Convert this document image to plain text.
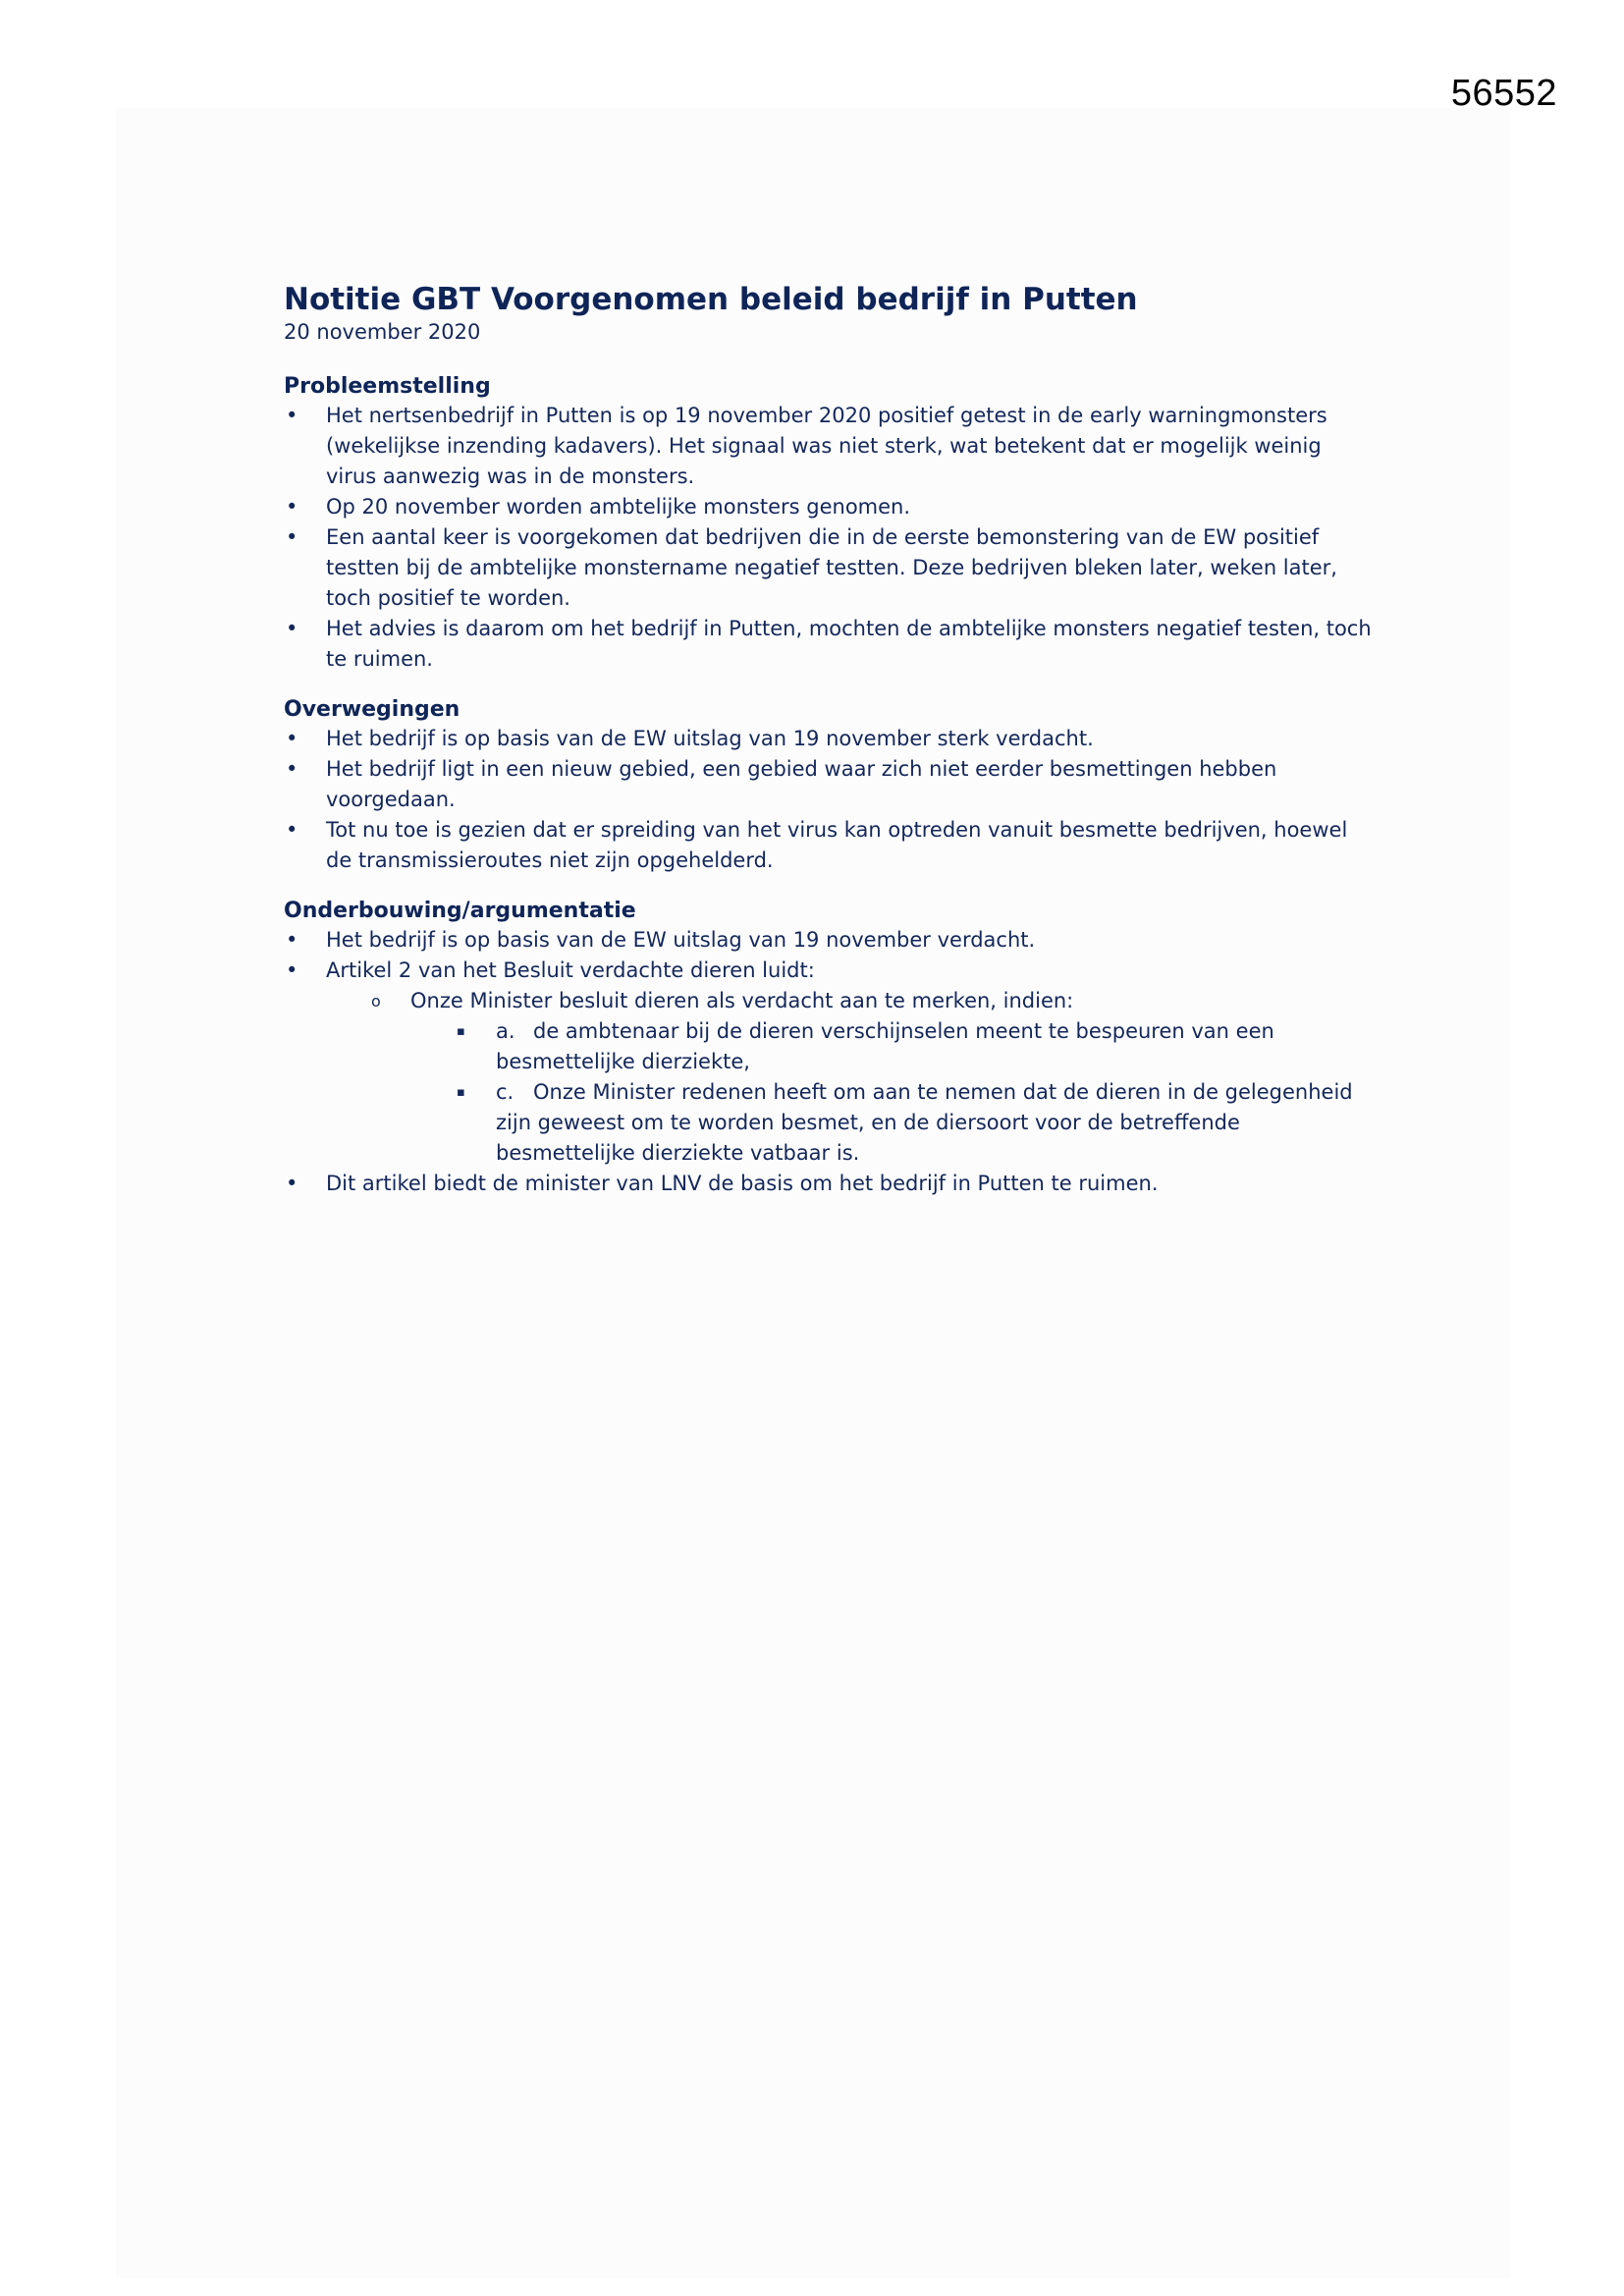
56552
Notitie GBT Voorgenomen beleid bedrijf in Putten

20 november 2020

Probleemstelling
• Het nertsenbedrijf in Putten is op 19 november 2020 positief getest in de early warningmonsters (wekelijkse inzending kadavers). Het signaal was niet sterk, wat betekent dat er mogelijk weinig virus aanwezig was in de monsters.
• Op 20 november worden ambtelijke monsters genomen.
• Een aantal keer is voorgekomen dat bedrijven die in de eerste bemonstering van de EW positief testten bij de ambtelijke monstername negatief testten. Deze bedrijven bleken later, weken later, toch positief te worden.
• Het advies is daarom om het bedrijf in Putten, mochten de ambtelijke monsters negatief testen, toch te ruimen.
Overwegingen
• Het bedrijf is op basis van de EW uitslag van 19 november sterk verdacht.
• Het bedrijf ligt in een nieuw gebied, een gebied waar zich niet eerder besmettingen hebben voorgedaan.
• Tot nu toe is gezien dat er spreiding van het virus kan optreden vanuit besmette bedrijven, hoewel de transmissieroutes niet zijn opgehelderd.
Onderbouwing/argumentatie
• Het bedrijf is op basis van de EW uitslag van 19 november verdacht.
• Artikel 2 van het Besluit verdachte dieren luidt:
o Onze Minister besluit dieren als verdacht aan te merken, indien:
▪ a. de ambtenaar bij de dieren verschijnselen meent te bespeuren van een besmettelijke dierziekte,
▪ c. Onze Minister redenen heeft om aan te nemen dat de dieren in de gelegenheid zijn geweest om te worden besmet, en de diersoort voor de betreffende besmettelijke dierziekte vatbaar is.
• Dit artikel biedt de minister van LNV de basis om het bedrijf in Putten te ruimen.
